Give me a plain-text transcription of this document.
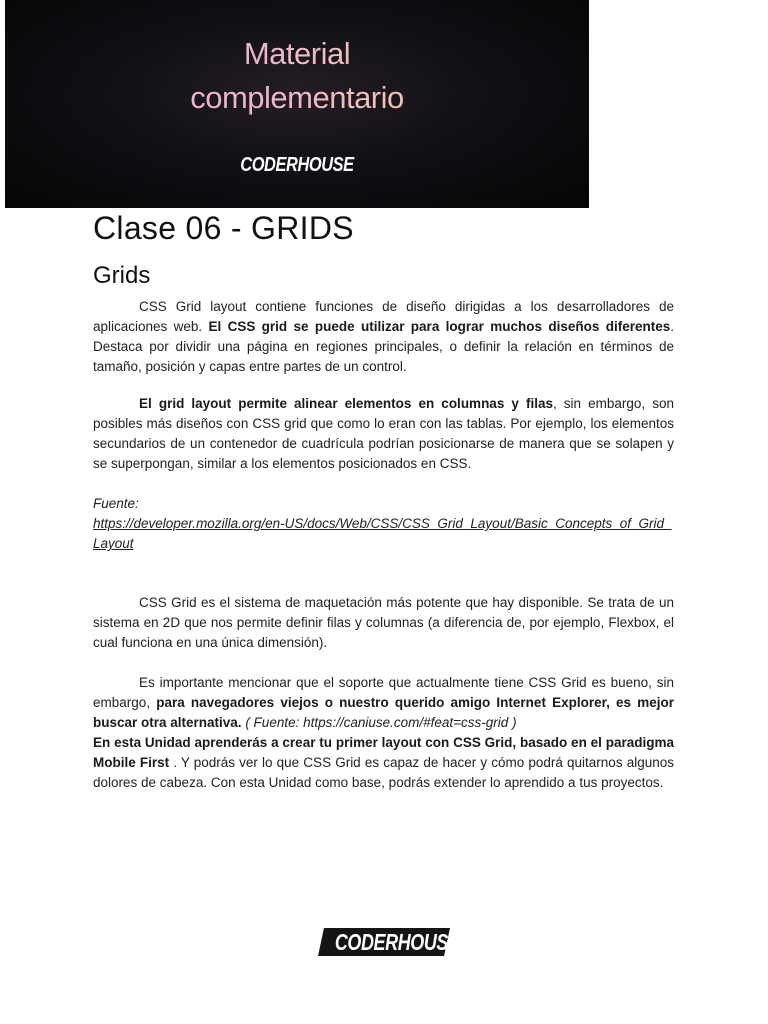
Material
complementario
CODERHOUSE
Clase 06 - GRIDS
Grids

CSS Grid layout contiene funciones de diseño dirigidas a los desarrolladores de aplicaciones web. El CSS grid se puede utilizar para lograr muchos diseños diferentes. Destaca por dividir una página en regiones principales, o definir la relación en términos de tamaño, posición y capas entre partes de un control.

El grid layout permite alinear elementos en columnas y filas, sin embargo, son posibles más diseños con CSS grid que como lo eran con las tablas. Por ejemplo, los elementos secundarios de un contenedor de cuadrícula podrían posicionarse de manera que se solapen y se superpongan, similar a los elementos posicionados en CSS.

Fuente:
https://developer.mozilla.org/en-US/docs/Web/CSS/CSS_Grid_Layout/Basic_Concepts_of_Grid_Layout

CSS Grid es el sistema de maquetación más potente que hay disponible. Se trata de un sistema en 2D que nos permite definir filas y columnas (a diferencia de, por ejemplo, Flexbox, el cual funciona en una única dimensión).

Es importante mencionar que el soporte que actualmente tiene CSS Grid es bueno, sin embargo, para navegadores viejos o nuestro querido amigo Internet Explorer, es mejor buscar otra alternativa. ( Fuente: https://caniuse.com/#feat=css-grid )

En esta Unidad aprenderás a crear tu primer layout con CSS Grid, basado en el paradigma Mobile First . Y podrás ver lo que CSS Grid es capaz de hacer y cómo podrá quitarnos algunos dolores de cabeza. Con esta Unidad como base, podrás extender lo aprendido a tus proyectos.

CODERHOUSE
